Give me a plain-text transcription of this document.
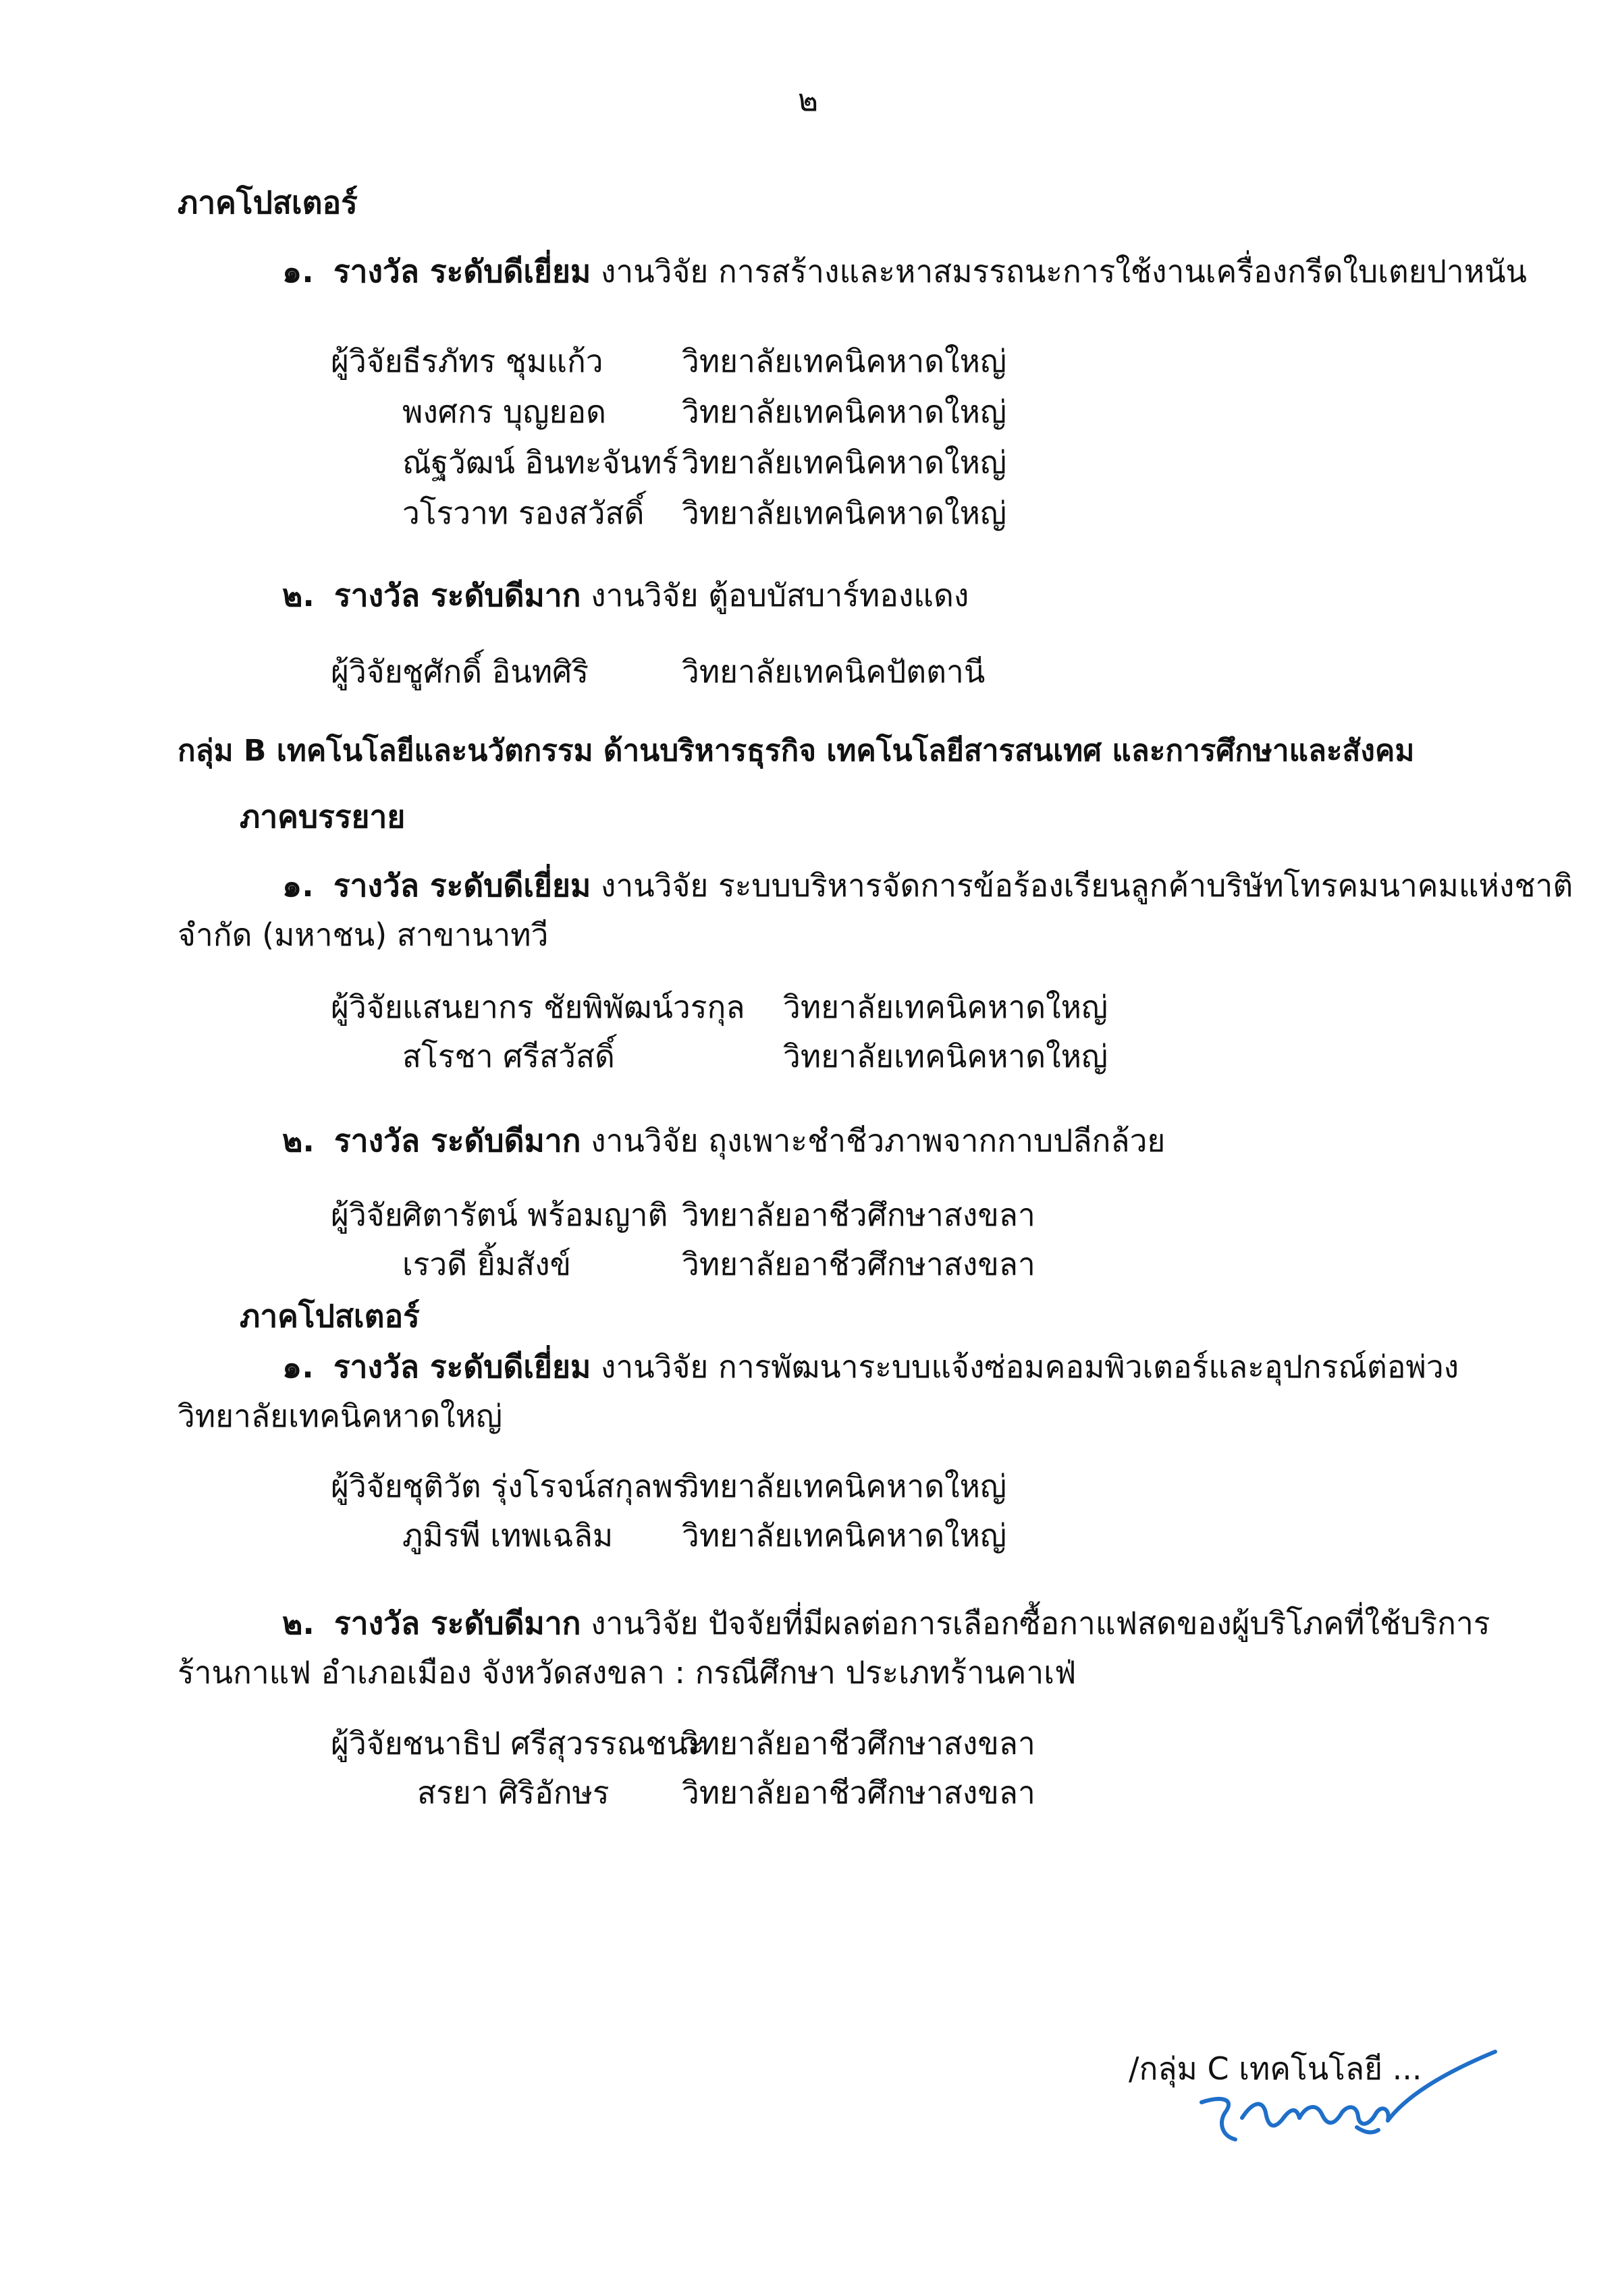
๒
ภาคโปสเตอร์
๑. รางวัล ระดับดีเยี่ยม งานวิจัย การสร้างและหาสมรรถนะการใช้งานเครื่องกรีดใบเตยปาหนัน
ผู้วิจัย ธีรภัทร ชุมแก้ว	วิทยาลัยเทคนิคหาดใหญ่
พงศกร บุญยอด วิทยาลัยเทคนิคหาดใหญ่
ณัฐวัฒน์ อินทะจันทร์ วิทยาลัยเทคนิคหาดใหญ่
วโรวาท รองสวัสดิ์ วิทยาลัยเทคนิคหาดใหญ่
๒. รางวัล ระดับดีมาก งานวิจัย ตู้อบบัสบาร์ทองแดง
ผู้วิจัย ชูศักดิ์ อินทศิริ	วิทยาลัยเทคนิคปัตตานี
กลุ่ม B เทคโนโลยีและนวัตกรรม ด้านบริหารธุรกิจ เทคโนโลยีสารสนเทศ และการศึกษาและสังคม
ภาคบรรยาย
๑. รางวัล ระดับดีเยี่ยม งานวิจัย ระบบบริหารจัดการข้อร้องเรียนลูกค้าบริษัทโทรคมนาคมแห่งชาติ
จำกัด (มหาชน) สาขานาทวี
ผู้วิจัย แสนยากร ชัยพิพัฒน์วรกุล วิทยาลัยเทคนิคหาดใหญ่
สโรชา ศรีสวัสดิ์	วิทยาลัยเทคนิคหาดใหญ่
๒. รางวัล ระดับดีมาก งานวิจัย ถุงเพาะชำชีวภาพจากกาบปลีกล้วย
ผู้วิจัย ศิตารัตน์ พร้อมญาติ วิทยาลัยอาชีวศึกษาสงขลา
เรวดี ยิ้มสังข์	วิทยาลัยอาชีวศึกษาสงขลา
ภาคโปสเตอร์
๑. รางวัล ระดับดีเยี่ยม งานวิจัย การพัฒนาระบบแจ้งซ่อมคอมพิวเตอร์และอุปกรณ์ต่อพ่วง
วิทยาลัยเทคนิคหาดใหญ่
ผู้วิจัย ชุติวัต รุ่งโรจน์สกุลพร
วิทยาลัยเทคนิคหาดใหญ่
ภูมิรพี เทพเฉลิม วิทยาลัยเทคนิคหาดใหญ่
๒. รางวัล ระดับดีมาก งานวิจัย ปัจจัยที่มีผลต่อการเลือกซื้อกาแฟสดของผู้บริโภคที่ใช้บริการ
ร้านกาแฟ อำเภอเมือง จังหวัดสงขลา : กรณีศึกษา ประเภทร้านคาเฟ่
ผู้วิจัย ชนาธิป ศรีสุวรรณชนะ
วิทยาลัยอาชีวศึกษาสงขลา
สรยา ศิริอักษร วิทยาลัยอาชีวศึกษาสงขลา
/กลุ่ม C เทคโนโลยี ...
